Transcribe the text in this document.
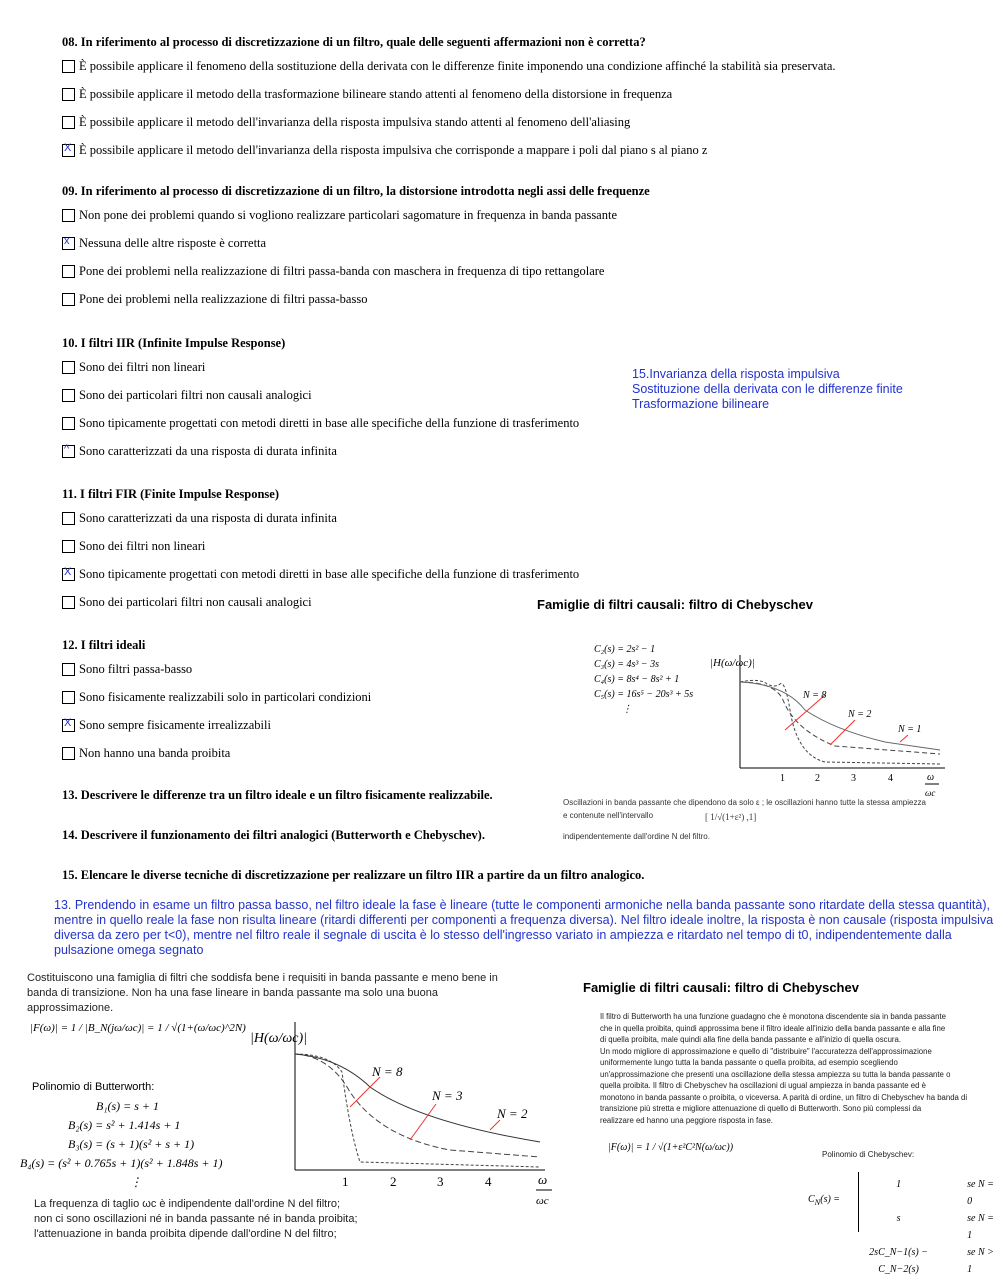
08. In riferimento al processo di discretizzazione di un filtro, quale delle seguenti affermazioni non è corretta?
È possibile applicare il fenomeno della sostituzione della derivata con le differenze finite imponendo una condizione affinché la stabilità sia preservata.
È possibile applicare il metodo della trasformazione bilineare stando attenti al fenomeno della distorsione in frequenza
È possibile applicare il metodo dell'invarianza della risposta impulsiva stando attenti al fenomeno dell'aliasing
X È possibile applicare il metodo dell'invarianza della risposta impulsiva che corrisponde a mappare i poli dal piano s al piano z
09. In riferimento al processo di discretizzazione di un filtro, la distorsione introdotta negli assi delle frequenze
Non pone dei problemi quando si vogliono realizzare particolari sagomature in frequenza in banda passante
x Nessuna delle altre risposte è corretta
Pone dei problemi nella realizzazione di filtri passa-banda con maschera in frequenza di tipo rettangolare
Pone dei problemi nella realizzazione di filtri passa-basso
10. I filtri IIR (Infinite Impulse Response)
Sono dei filtri non lineari
Sono dei particolari filtri non causali analogici
Sono tipicamente progettati con metodi diretti in base alle specifiche della funzione di trasferimento
^ Sono caratterizzati da una risposta di durata infinita
11. I filtri FIR (Finite Impulse Response)
Sono caratterizzati da una risposta di durata infinita
Sono dei filtri non lineari
X Sono tipicamente progettati con metodi diretti in base alle specifiche della funzione di trasferimento
Sono dei particolari filtri non causali analogici
12. I filtri ideali
Sono filtri passa-basso
Sono fisicamente realizzabili solo in particolari condizioni
X Sono sempre fisicamente irrealizzabili
Non hanno una banda proibita
13. Descrivere le differenze tra un filtro ideale e un filtro fisicamente realizzabile.
14. Descrivere il funzionamento dei filtri analogici (Butterworth e Chebyschev).
15. Elencare le diverse tecniche di discretizzazione per realizzare un filtro IIR a partire da un filtro analogico.
15.Invarianza della risposta impulsiva
Sostituzione della derivata con le differenze finite
Trasformazione bilineare
13. Prendendo in esame un filtro passa basso, nel filtro ideale la fase è lineare (tutte le componenti armoniche nella banda passante sono ritardate della stessa quantità), mentre in quello reale la fase non risulta lineare (ritardi differenti per componenti a frequenza diversa). Nel filtro ideale inoltre, la risposta è non causale (risposta impulsiva diversa da zero per t<0), mentre nel filtro reale il segnale di uscita è lo stesso dell'ingresso variato in ampiezza e ritardato nel tempo di t0, indipendentemente dalla pulsazione omega segnato
Famiglie di filtri causali: filtro di Chebyschev
C₂(s) = 2s² − 1
C₃(s) = 4s³ − 3s
C₄(s) = 8s⁴ − 8s² + 1
C₅(s) = 16s⁵ − 20s³ + 5s
⋮
|H(ω/ωc)|
N = 8
N = 2
N = 1
1	2	3	4	ω
ωc
Oscillazioni in banda passante che dipendono da solo ε ; le oscillazioni hanno tutte la stessa ampiezza
e contenute nell'intervallo	[ 1/√(1+ε²) ,1]
indipendentemente dall'ordine N del filtro.
Costituiscono una famiglia di filtri che soddisfa bene i requisiti in banda passante e meno bene in banda di transizione. Non ha una fase lineare in banda passante ma solo una buona approssimazione.
|F(ω)| = 1 / |B_N(jω/ωc)| = 1 / √(1+(ω/ωc)^2N)
Polinomio di Butterworth:
B₁(s) = s + 1
B₂(s) = s² + 1.414s + 1
B₃(s) = (s + 1)(s² + s + 1)
B₄(s) = (s² + 0.765s + 1)(s² + 1.848s + 1)
⋮
|H(ω/ωc)|
N = 8
N = 3
N = 2
1	2	3	4	ω
ωc
La frequenza di taglio ωc è indipendente dall'ordine N del filtro;
non ci sono oscillazioni né in banda passante né in banda proibita;
l'attenuazione in banda proibita dipende dall'ordine N del filtro;
Famiglie di filtri causali: filtro di Chebyschev
Il filtro di Butterworth ha una funzione guadagno che è monotona discendente sia in banda passante
che in quella proibita, quindi approssima bene il filtro ideale all'inizio della banda passante e alla fine
di quella proibita, male quindi alla fine della banda passante e all'inizio di quella oscura.
Un modo migliore di approssimazione e quello di "distribuire" l'accuratezza dell'approssimazione
uniformemente lungo tutta la banda passante o quella proibita, ad esempio scegliendo
un'approssimazione che presenti una oscillazione della stessa ampiezza su tutta la banda passante o
quella proibita. Il filtro di Chebyschev ha oscillazioni di ugual ampiezza in banda passante ed è
monotono in banda passante o proibita, o viceversa. A parità di ordine, un filtro di Chebyschev ha banda di
transizione più stretta e migliore attenuazione di quello di Butterworth. Sono più complessi da
realizzare ed hanno una peggiore risposta in fase.
|F(ω)| = 1 / √(1+ε²C²N(ω/ωc))
Polinomio di Chebyschev:
$C_N(s)$ =
1	se N = 0
s	se N = 1
2sC_N−1(s) − C_N−2(s)
se N > 1
